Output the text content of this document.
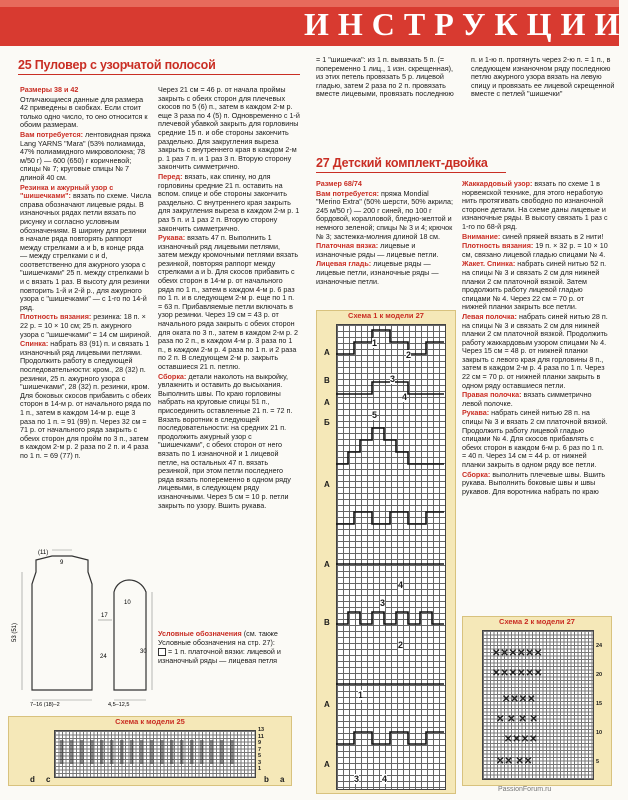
ИНСТРУКЦИИ
25 Пуловер с узорчатой полосой
Размеры 38 и 42
Отличающиеся данные для размера 42 приведены в скобках. Если стоит только одно число, то оно относится к обоим размерам.
Вам потребуется: лентовидная пряжа Lang YARNS "Mara" (53% полиамида, 47% полиамидного микроволокна; 78 м/50 г) — 600 (650) г коричневой; спицы № 7; круговые спицы № 7 длиной 40 см.
Резинка и ажурный узор с "шишечками": вязать по схеме. Числа справа обозначают лицевые ряды. В изнаночных рядах петли вязать по рисунку и согласно условным обозначениям. В ширину для резинки в начале ряда повторять раппорт между стрелками а и b, в конце ряда — между стрелками c и d, соответственно для ажурного узора с "шишечками" 25 п. между стрелками b и с вязать 1 раз. В высоту для резинки повторить 1-й и 2-й р., для ажурного узора с "шишечками" — с 1-го по 14-й ряд.
Плотность вязания: резинка: 18 п. × 22 р. = 10 × 10 см; 25 п. ажурного узора с "шишечками" = 14 см шириной.
Спинка: набрать 83 (91) п. и связать 1 изнаночный ряд лицевыми петлями. Продолжить работу в следующей последовательности: кром., 28 (32) п. резинки, 25 п. ажурного узора с "шишечками", 28 (32) п. резинки, кром. Для боковых скосов прибавить с обеих сторон в 14-м р. от начального ряда по 1 п., затем в каждом 14-м р. еще 3 раза по 1 п. = 91 (99) п. Через 32 см = 71 р. от начального ряда закрыть с обеих сторон для пройм по 3 п., затем в каждом 2-м р. 2 раза по 2 п. и 4 раза по 1 п. = 69 (77) п.
Через 21 см = 46 р. от начала проймы закрыть с обеих сторон для плечевых скосов по 5 (6) п., затем в каждом 2-м р. еще 3 раза по 4 (5) п. Одновременно с 1-й плечевой убавкой закрыть для горловины средние 15 п. и обе стороны закончить раздельно. Для закругления выреза закрыть с внутреннего края в каждом 2-м р. 1 раз 7 п. и 1 раз 3 п. Вторую сторону закончить симметрично.
Перед: вязать, как спинку, но для горловины средние 21 п. оставить на вспом. спице и обе стороны закончить раздельно. С внутреннего края закрыть для закругления выреза в каждом 2-м р. 1 раз 5 п. и 1 раз 2 п. Вторую сторону закончить симметрично.
Рукава: вязать 47 п. Выполнить 1 изнаночный ряд лицевыми петлями, затем между кромочными петлями вязать резинкой, повторяя раппорт между стрелками а и b. Для скосов прибавить с обеих сторон в 14-м р. от начального ряда по 1 п., затем в каждом 4-м р. 6 раз по 1 п. и в следующем 2-м р. еще по 1 п. = 63 п. Прибавляемые петли включать в узор резинки. Через 19 см = 43 р. от начального ряда закрыть с обеих сторон для оката по 3 п., затем в каждом 2-м р. 2 раза по 2 п., в каждом 4-м р. 3 раза по 1 п., в каждом 2-м р. 4 раза по 1 п. и 2 раза по 2 п. В следующем 2-м р. закрыть оставшиеся 21 п. петлю.
Сборка: детали наколоть на выкройку, увлажнить и оставить до высыхания. Выполнить швы. По краю горловины набрать на круговые спицы 51 п., присоединить оставленные 21 п. = 72 п. Вязать воротник в следующей последовательности: на средних 21 п. продолжить ажурный узор с "шишечками", с обеих сторон от него вязать по 1 изнаночной и 1 лицевой петле, на остальных 47 п. вязать резинкой, при этом петли последнего ряда вязать попеременно в одном ряду лицевыми, в следующем ряду изнаночными. Через 5 см = 10 р. петли закрыть по узору. Вшить рукава.
Условные обозначения (см. также Условные обозначения на стр. 27):
= 1 п. платочной вязки: лицевой и изнаночный ряды — лицевая петля
(11)
9
53 (51)
17
30
24
10
4,5–12,5
7–16 (18)–2
Схема к модели 25
13
11
9
7
5
3
1
d c	b a
= 1 "шишечка": из 1 п. вывязать 5 п. (= попеременно 1 лиц., 1 изн. скрещенная), из этих петель провязать 5 р. лицевой гладью, затем 2 раза по 2 п. провязать вместе лицевыми, провязать последнюю п. и 1-ю п. протянуть через 2-ю п. = 1 п., в следующем изнаночном ряду последнюю петлю ажурного узора вязать на левую спицу и провязать ее лицевой скрещенной вместе с петлей "шишечки"
27 Детский комплект-двойка
Размер 68/74
Вам потребуется: пряжа Mondial "Merino Extra" (50% шерсти, 50% акрила; 245 м/50 г) — 200 г синей, по 100 г бордовой, коралловой, бледно-желтой и немного зеленой; спицы № 3 и 4; крючок № 3; застежка-молния длиной 18 см.
Платочная вязка: лицевые и изнаночные ряды — лицевые петли.
Лицевая гладь: лицевые ряды — лицевые петли, изнаночные ряды — изнаночные петли.
Жаккардовый узор: вязать по схеме 1 в норвежской технике, для этого неработую нить протягивать свободно по изнаночной стороне детали. На схеме даны лицевые и изнаночные ряды. В высоту связать 1 раз с 1-го по 68-й ряд.
Внимание: синей пряжей вязать в 2 нити!
Плотность вязания: 19 п. × 32 р. = 10 × 10 см, связано лицевой гладью спицами № 4.
Жакет. Спинка: набрать синей нитью 52 п. на спицы № 3 и связать 2 см для нижней планки 2 см платочной вязкой. Затем продолжить работу лицевой гладью спицами № 4. Через 22 см = 70 р. от нижней планки закрыть все петли.
Левая полочка: набрать синей нитью 28 п. на спицы № 3 и связать 2 см для нижней планки 2 см платочной вязкой. Продолжить работу жаккардовым узором спицами № 4. Через 15 см = 48 р. от нижней планки закрыть с левого края для горловины 8 п., затем в каждом 2-м р. 4 раза по 1 п. Через 22 см = 70 р. от нижней планки закрыть в одном ряду оставшиеся петли.
Правая полочка: вязать симметрично левой полочке.
Рукава: набрать синей нитью 28 п. на спицы № 3 и вязать 2 см платочной вязкой. Продолжить работу лицевой гладью спицами № 4. Для скосов прибавлять с обеих сторон в каждом 6-м р. 6 раз по 1 п. = 40 п. Через 14 см = 44 р. от нижней планки закрыть в одном ряду все петли.
Сборка: выполнить плечевые швы. Вшить рукава. Выполнить боковые швы и швы рукавов. Для воротника набрать по краю
Схема 1 к модели 27
1
2
3
4
5
4
3
2
1
3	4
A
B
A
Б
A
A
B
A
A
Схема 2 к модели 27
✕✕✕✕✕✕
✕✕✕✕✕✕
✕✕✕✕
✕ ✕ ✕ ✕
✕✕✕✕
✕✕ ✕✕
24
20
15
10
5
PassionForum.ru
